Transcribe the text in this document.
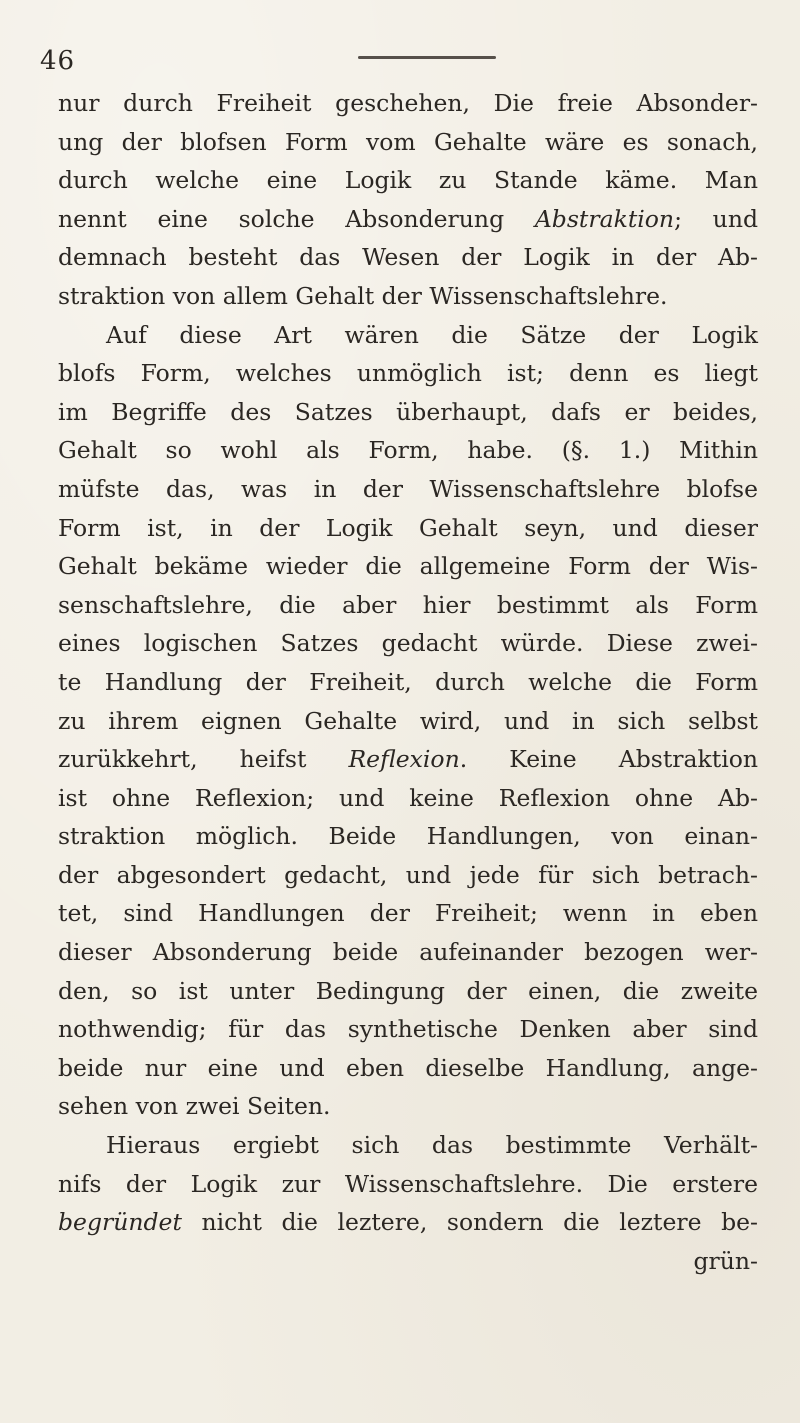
46
nur durch Freiheit geschehen, Die freie Absonder-
ung der blofsen Form vom Gehalte wäre es sonach,
durch welche eine Logik zu Stande käme. Man
nennt eine solche Absonderung Abstraktion; und
demnach besteht das Wesen der Logik in der Ab-
straktion von allem Gehalt der Wissenschaftslehre.
Auf diese Art wären die Sätze der Logik
blofs Form, welches unmöglich ist; denn es liegt
im Begriffe des Satzes überhaupt, dafs er beides,
Gehalt so wohl als Form, habe. (§. 1.) Mithin
müfste das, was in der Wissenschaftslehre blofse
Form ist, in der Logik Gehalt seyn, und dieser
Gehalt bekäme wieder die allgemeine Form der Wis-
senschaftslehre, die aber hier bestimmt als Form
eines logischen Satzes gedacht würde. Diese zwei-
te Handlung der Freiheit, durch welche die Form
zu ihrem eignen Gehalte wird, und in sich selbst
zurükkehrt, heifst Reflexion. Keine Abstraktion
ist ohne Reflexion; und keine Reflexion ohne Ab-
straktion möglich. Beide Handlungen, von einan-
der abgesondert gedacht, und jede für sich betrach-
tet, sind Handlungen der Freiheit; wenn in eben
dieser Absonderung beide aufeinander bezogen wer-
den, so ist unter Bedingung der einen, die zweite
nothwendig; für das synthetische Denken aber sind
beide nur eine und eben dieselbe Handlung, ange-
sehen von zwei Seiten.
Hieraus ergiebt sich das bestimmte Verhält-
nifs der Logik zur Wissenschaftslehre. Die erstere
begründet nicht die leztere, sondern die leztere be-
grün-
